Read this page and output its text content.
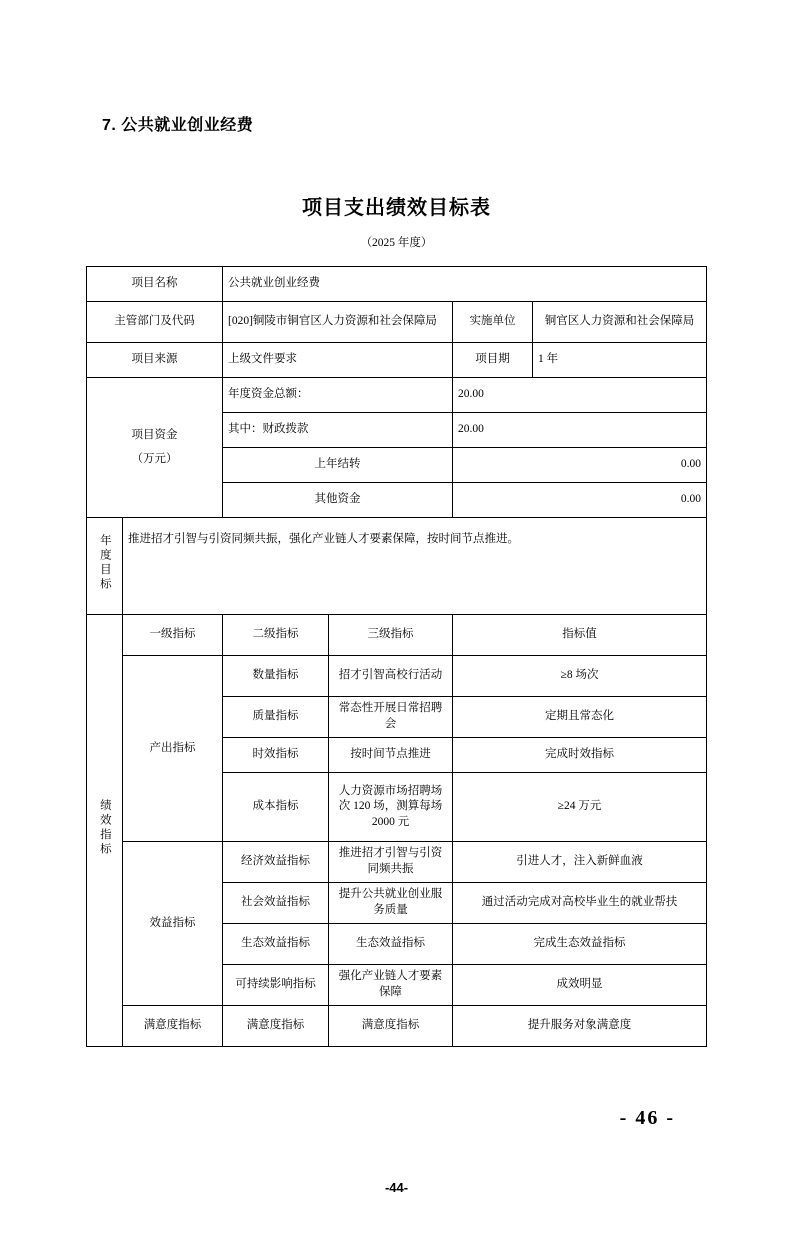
7. 公共就业创业经费
项目支出绩效目标表
（2025 年度）
项目名称		公共就业创业经费			
主管部门及代码		[020]铜陵市铜官区人力资源和社会保障局		实施单位	铜官区人力资源和社会保障局
项目来源		上级文件要求		项目期	1 年

项目资金
（万元）		年度资金总额：		20.00	
		其中：财政拨款		20.00	
		上年结转		0.00	
		其他资金		0.00	
年度目标	推进招才引智与引资同频共振，强化产业链人才要素保障，按时间节点推进。				
绩效指标	一级指标	二级指标	三级指标	指标值	
	产出指标	数量指标	招才引智高校行活动	≥8 场次	
		质量指标	常态性开展日常招聘会	定期且常态化	
		时效指标	按时间节点推进	完成时效指标	
		成本指标	人力资源市场招聘场次 120 场，测算每场 2000 元	≥24 万元	
	效益指标	经济效益指标	推进招才引智与引资同频共振	引进人才，注入新鲜血液	
		社会效益指标	提升公共就业创业服务质量	通过活动完成对高校毕业生的就业帮扶	
		生态效益指标	生态效益指标	完成生态效益指标	
		可持续影响指标	强化产业链人才要素保障	成效明显	
	满意度指标	满意度指标	满意度指标	提升服务对象满意度	
- 46 -
-44-
